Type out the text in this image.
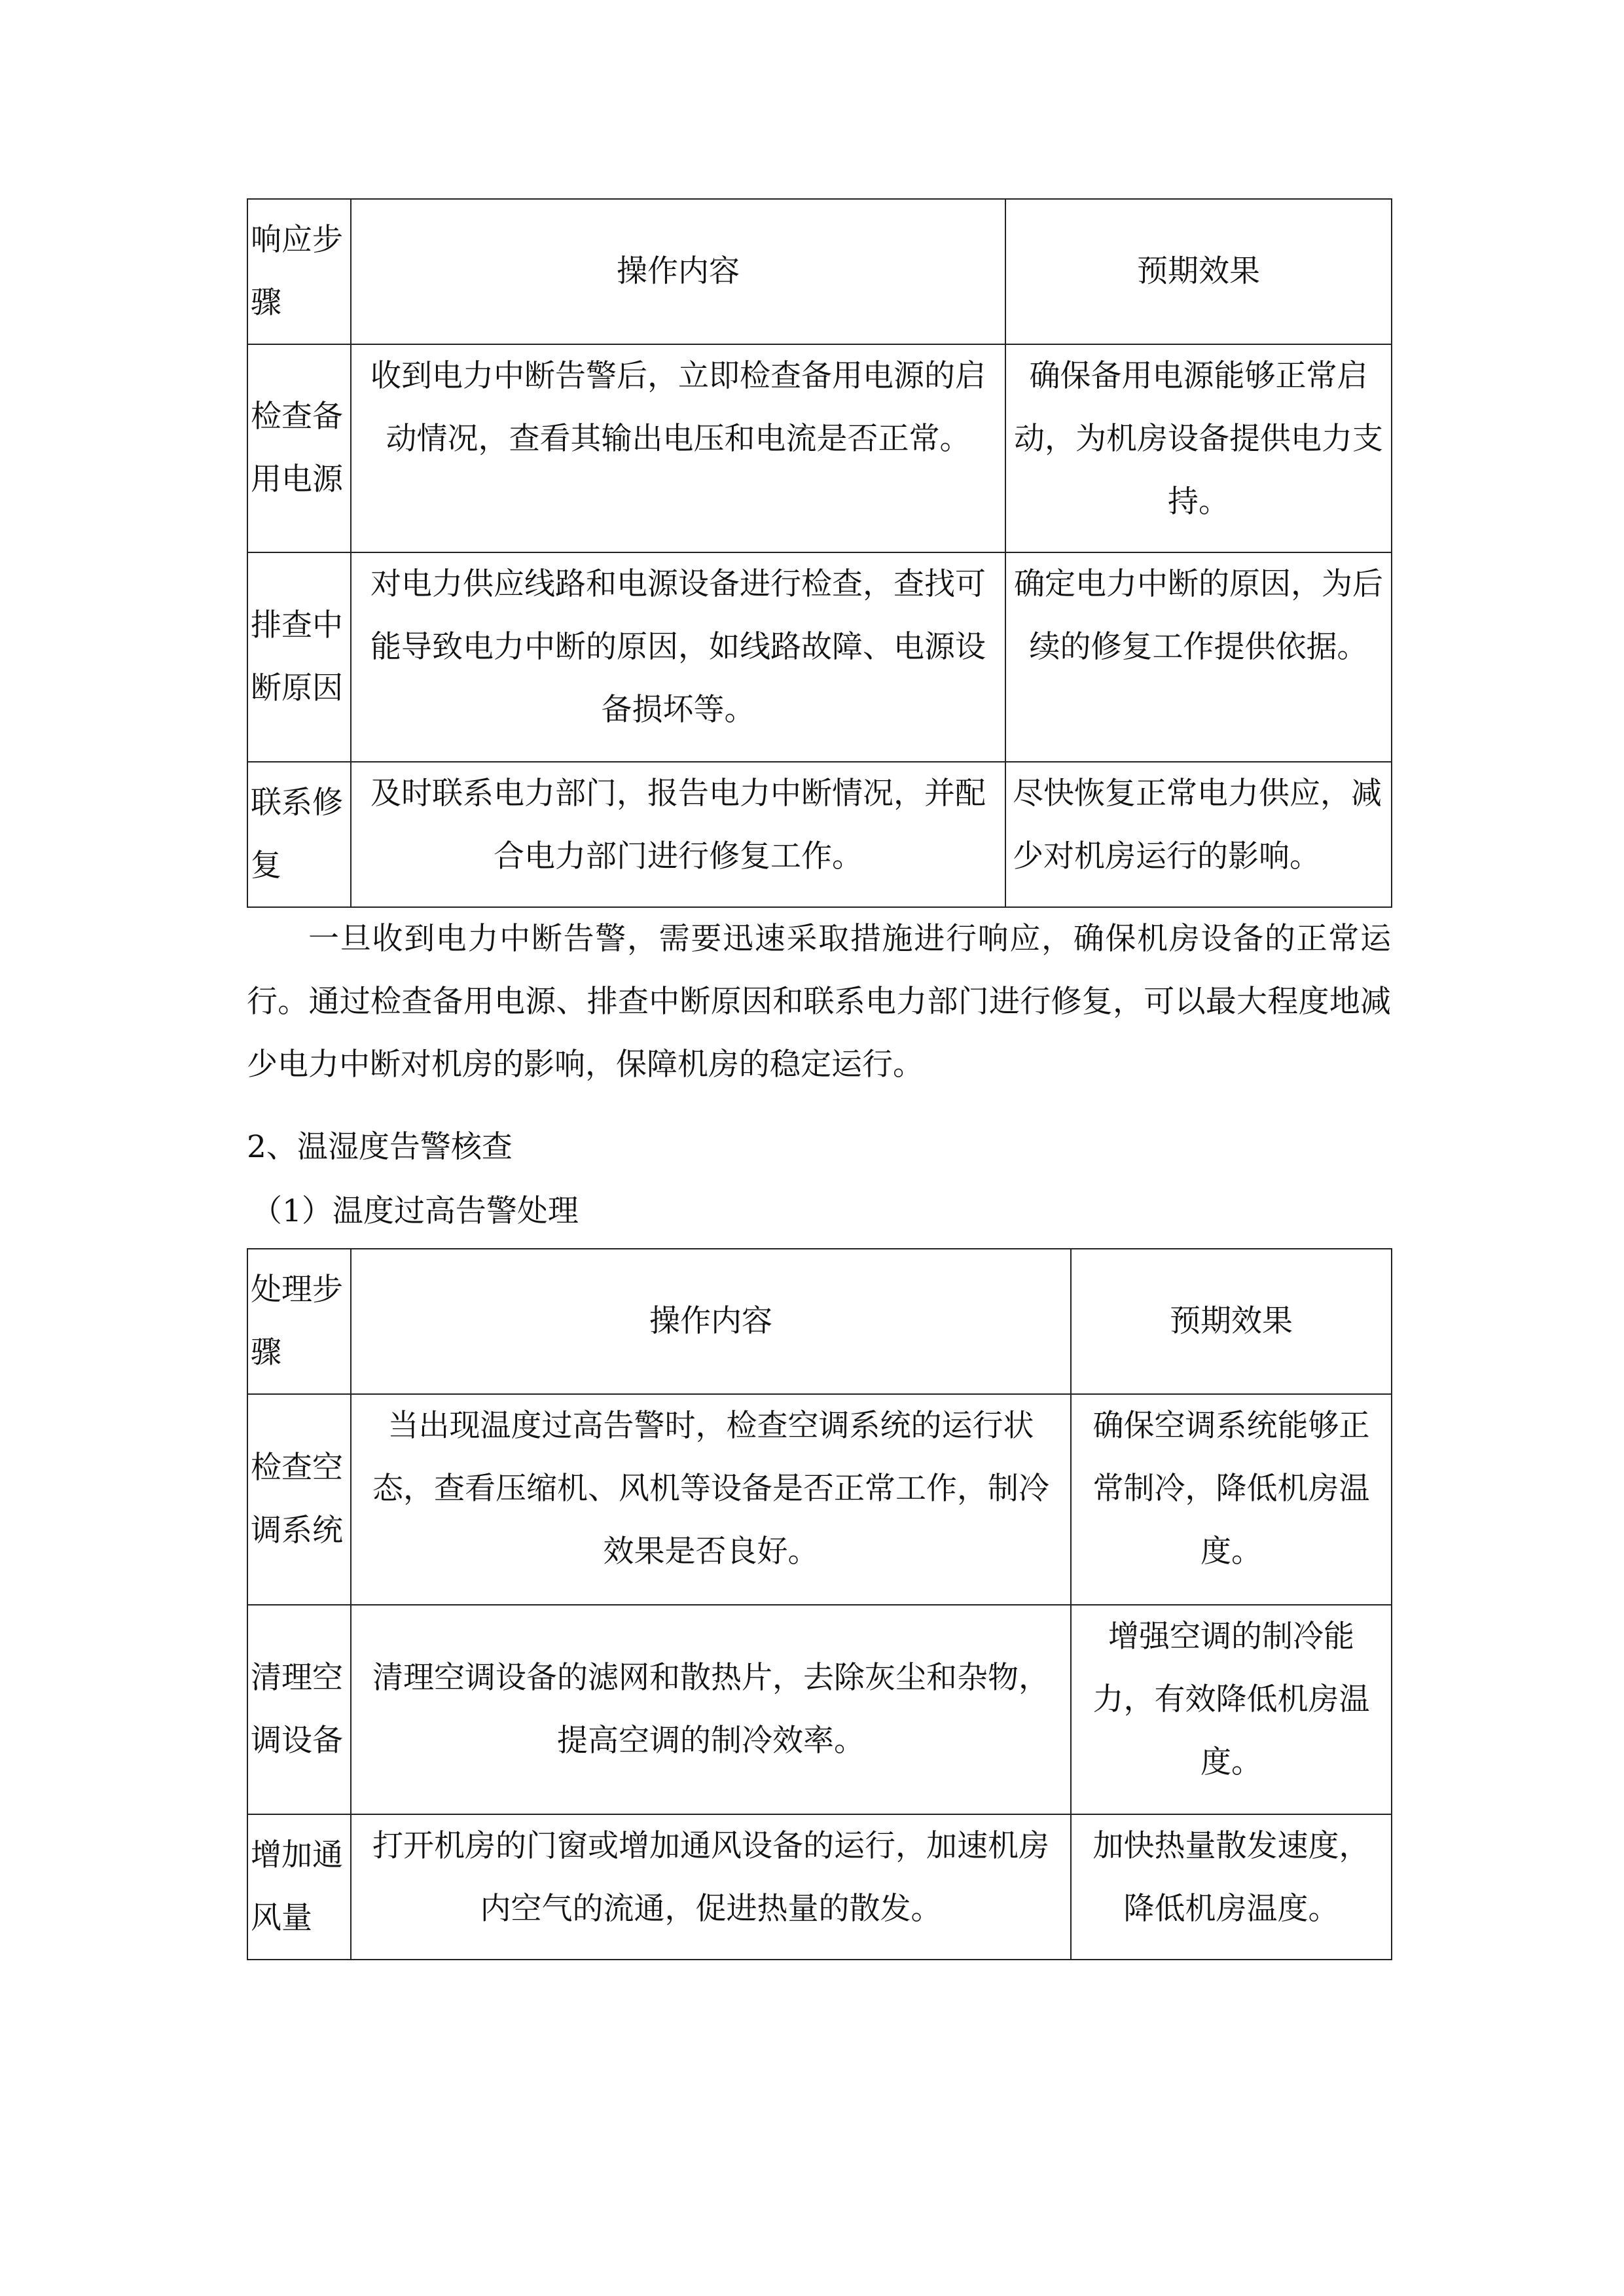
响应步骤	操作内容	预期效果
检查备用电源	收到电力中断告警后，立即检查备用电源的启动情况，查看其输出电压和电流是否正常。	确保备用电源能够正常启动，为机房设备提供电力支持。
排查中断原因	对电力供应线路和电源设备进行检查，查找可能导致电力中断的原因，如线路故障、电源设备损坏等。	确定电力中断的原因，为后续的修复工作提供依据。
联系修复	及时联系电力部门，报告电力中断情况，并配合电力部门进行修复工作。	尽快恢复正常电力供应，减少对机房运行的影响。

一旦收到电力中断告警，需要迅速采取措施进行响应，确保机房设备的正常运行。通过检查备用电源、排查中断原因和联系电力部门进行修复，可以最大程度地减少电力中断对机房的影响，保障机房的稳定运行。

2、温湿度告警核查

（1）温度过高告警处理

处理步骤	操作内容	预期效果
检查空调系统	当出现温度过高告警时，检查空调系统的运行状态，查看压缩机、风机等设备是否正常工作，制冷效果是否良好。	确保空调系统能够正常制冷，降低机房温度。
清理空调设备	清理空调设备的滤网和散热片，去除灰尘和杂物，提高空调的制冷效率。	增强空调的制冷能力，有效降低机房温度。
增加通风量	打开机房的门窗或增加通风设备的运行，加速机房内空气的流通，促进热量的散发。	加快热量散发速度，降低机房温度。
